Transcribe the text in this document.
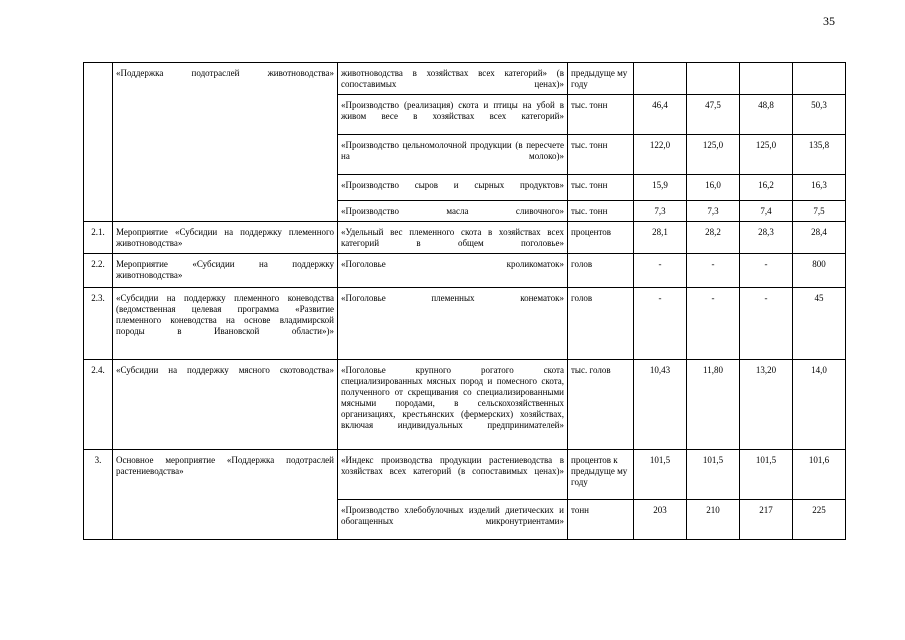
35
	«Поддержка подотраслей животноводства»	животноводства в хозяйствах всех категорий» (в сопоставимых ценах)»	предыдуще му году				
		«Производство (реализация) скота и птицы на убой в живом весе в хозяйствах всех категорий»	тыс. тонн	46,4	47,5	48,8	50,3
		«Производство цельномолочной продукции (в пересчете на молоко)»	тыс. тонн	122,0	125,0	125,0	135,8
		«Производство сыров и сырных продуктов»	тыс. тонн	15,9	16,0	16,2	16,3
		«Производство масла сливочного»	тыс. тонн	7,3	7,3	7,4	7,5
2.1.	Мероприятие «Субсидии на поддержку племенного животноводства»	«Удельный вес племенного скота в хозяйствах всех категорий в общем поголовье»	процентов	28,1	28,2	28,3	28,4
2.2.	Мероприятие «Субсидии на поддержку животноводства»	«Поголовье кроликоматок»	голов	-	-	-	800
2.3.	«Субсидии на поддержку племенного коневодства (ведомственная целевая программа «Развитие племенного коневодства на основе владимирской породы в Ивановской области»)»	«Поголовье племенных конематок»	голов	-	-	-	45
2.4.	«Субсидии на поддержку мясного скотоводства»	«Поголовье крупного рогатого скота специализированных мясных пород и помесного скота, полученного от скрещивания со специализированными мясными породами, в сельскохозяйственных организациях, крестьянских (фермерских) хозяйствах, включая индивидуальных предпринимателей»	тыс. голов	10,43	11,80	13,20	14,0
3.	Основное мероприятие «Поддержка подотраслей растениеводства»	«Индекс производства продукции растениеводства в хозяйствах всех категорий (в сопоставимых ценах)»	процентов к предыдуще му году	101,5	101,5	101,5	101,6
		«Производство хлебобулочных изделий диетических и обогащенных микронутриентами»	тонн	203	210	217	225
